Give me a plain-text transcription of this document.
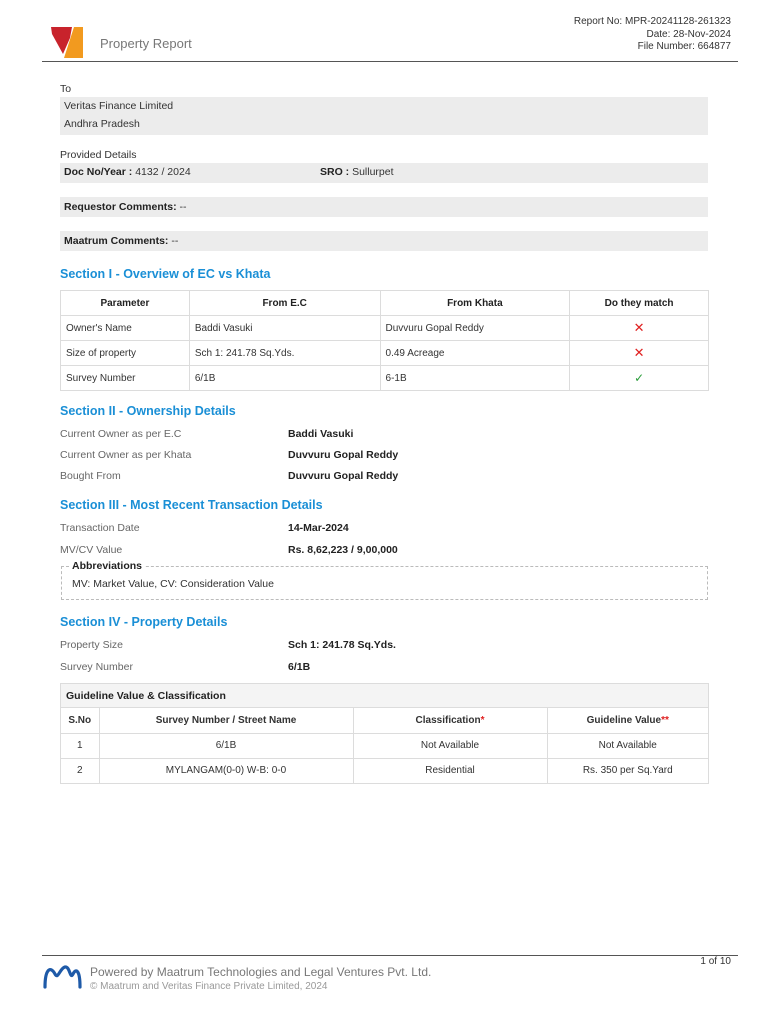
Property Report
Report No: MPR-20241128-261323
Date: 28-Nov-2024
File Number: 664877
To
Veritas Finance Limited
Andhra Pradesh
Provided Details
Doc No/Year : 4132 / 2024	SRO : Sullurpet
Requestor Comments: --
Maatrum Comments: --
Section I - Overview of EC vs Khata
Parameter	From E.C	From Khata	Do they match
Owner's Name	Baddi Vasuki	Duvvuru Gopal Reddy	✕
Size of property	Sch 1: 241.78 Sq.Yds.	0.49 Acreage	✕
Survey Number	6/1B	6-1B	✓
Section II - Ownership Details
Current Owner as per E.C	Baddi Vasuki
Current Owner as per Khata	Duvvuru Gopal Reddy
Bought From	Duvvuru Gopal Reddy
Section III - Most Recent Transaction Details
Transaction Date	14-Mar-2024
MV/CV Value	Rs. 8,62,223 / 9,00,000
Abbreviations
MV: Market Value, CV: Consideration Value
Section IV - Property Details
Property Size	Sch 1: 241.78 Sq.Yds.
Survey Number	6/1B
Guideline Value & Classification
S.No	Survey Number / Street Name	Classification*	Guideline Value**
1	6/1B	Not Available	Not Available
2	MYLANGAM(0-0) W-B: 0-0	Residential	Rs. 350 per Sq.Yard
1 of 10
Powered by Maatrum Technologies and Legal Ventures Pvt. Ltd.
© Maatrum and Veritas Finance Private Limited, 2024
